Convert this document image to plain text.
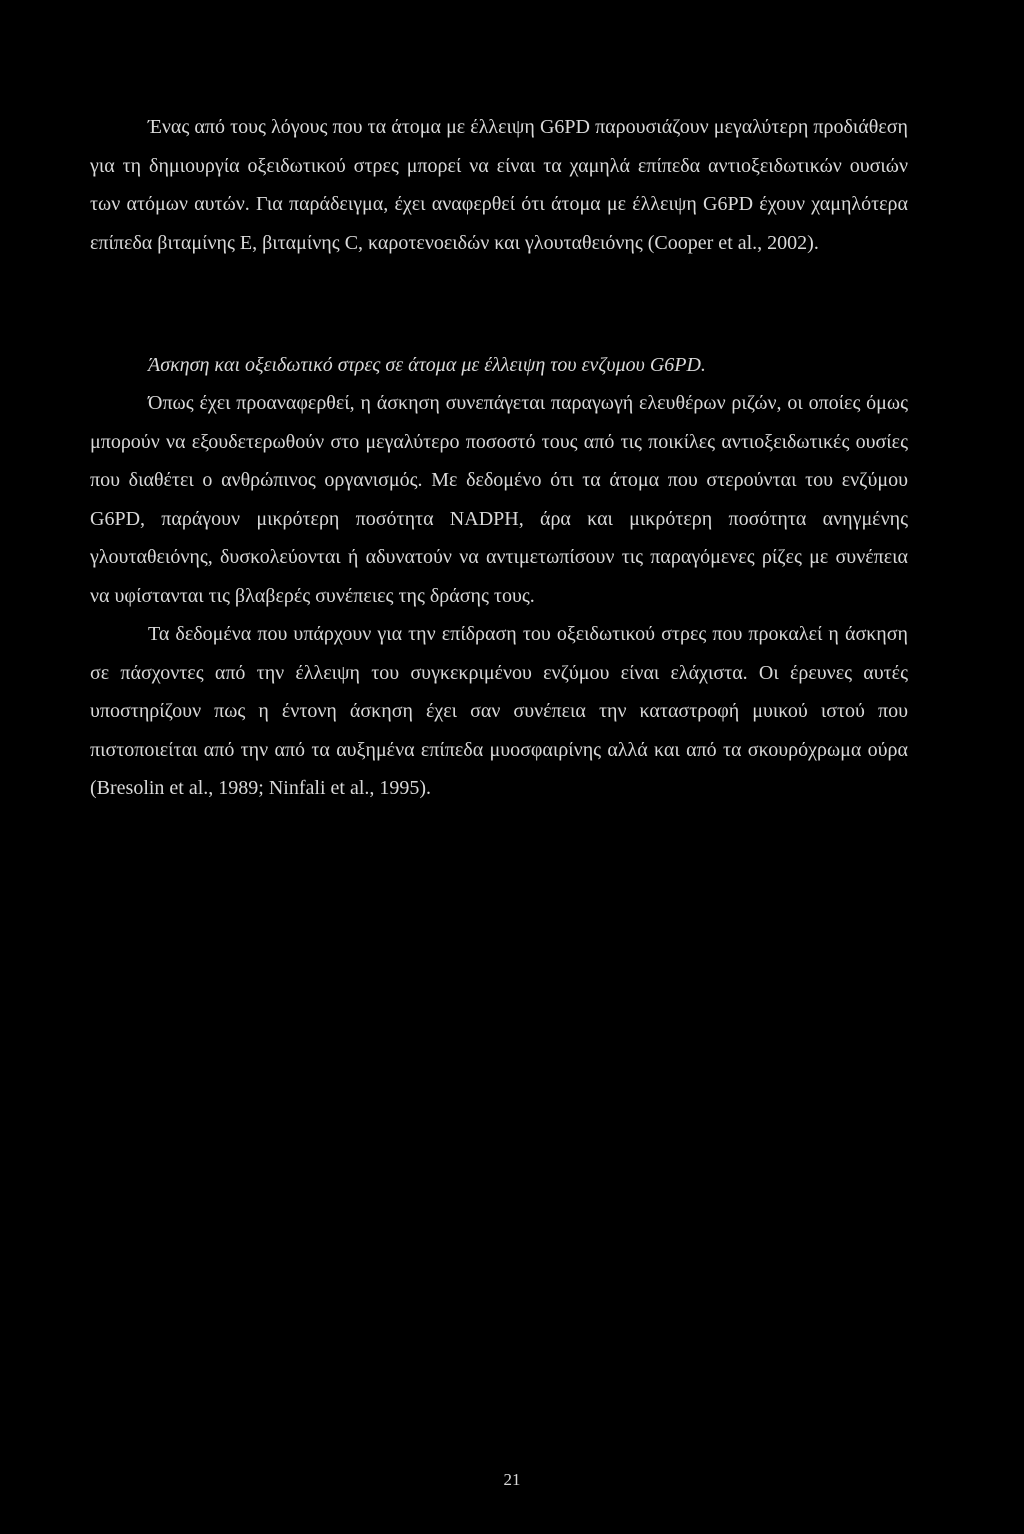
Ένας από τους λόγους που τα άτομα με έλλειψη G6PD παρουσιάζουν μεγαλύτερη προδιάθεση για τη δημιουργία οξειδωτικού στρες μπορεί να είναι τα χαμηλά επίπεδα αντιοξειδωτικών ουσιών των ατόμων αυτών. Για παράδειγμα, έχει αναφερθεί ότι άτομα με έλλειψη G6PD έχουν χαμηλότερα επίπεδα βιταμίνης E, βιταμίνης C, καροτενοειδών και γλουταθειόνης (Cooper et al., 2002).

Άσκηση και οξειδωτικό στρες σε άτομα με έλλειψη του ενζυμου G6PD.

Όπως έχει προαναφερθεί, η άσκηση συνεπάγεται παραγωγή ελευθέρων ριζών, οι οποίες όμως μπορούν να εξουδετερωθούν στο μεγαλύτερο ποσοστό τους από τις ποικίλες αντιοξειδωτικές ουσίες που διαθέτει ο ανθρώπινος οργανισμός. Με δεδομένο ότι τα άτομα που στερούνται του ενζύμου G6PD, παράγουν μικρότερη ποσότητα NADPH, άρα και μικρότερη ποσότητα ανηγμένης γλουταθειόνης, δυσκολεύονται ή αδυνατούν να αντιμετωπίσουν τις παραγόμενες ρίζες με συνέπεια να υφίστανται τις βλαβερές συνέπειες της δράσης τους.

Τα δεδομένα που υπάρχουν για την επίδραση του οξειδωτικού στρες που προκαλεί η άσκηση σε πάσχοντες από την έλλειψη του συγκεκριμένου ενζύμου είναι ελάχιστα. Οι έρευνες αυτές υποστηρίζουν πως η έντονη άσκηση έχει σαν συνέπεια την καταστροφή μυικού ιστού που πιστοποιείται από την από τα αυξημένα επίπεδα μυοσφαιρίνης αλλά και από τα σκουρόχρωμα ούρα (Bresolin et al., 1989; Ninfali et al., 1995).

21
